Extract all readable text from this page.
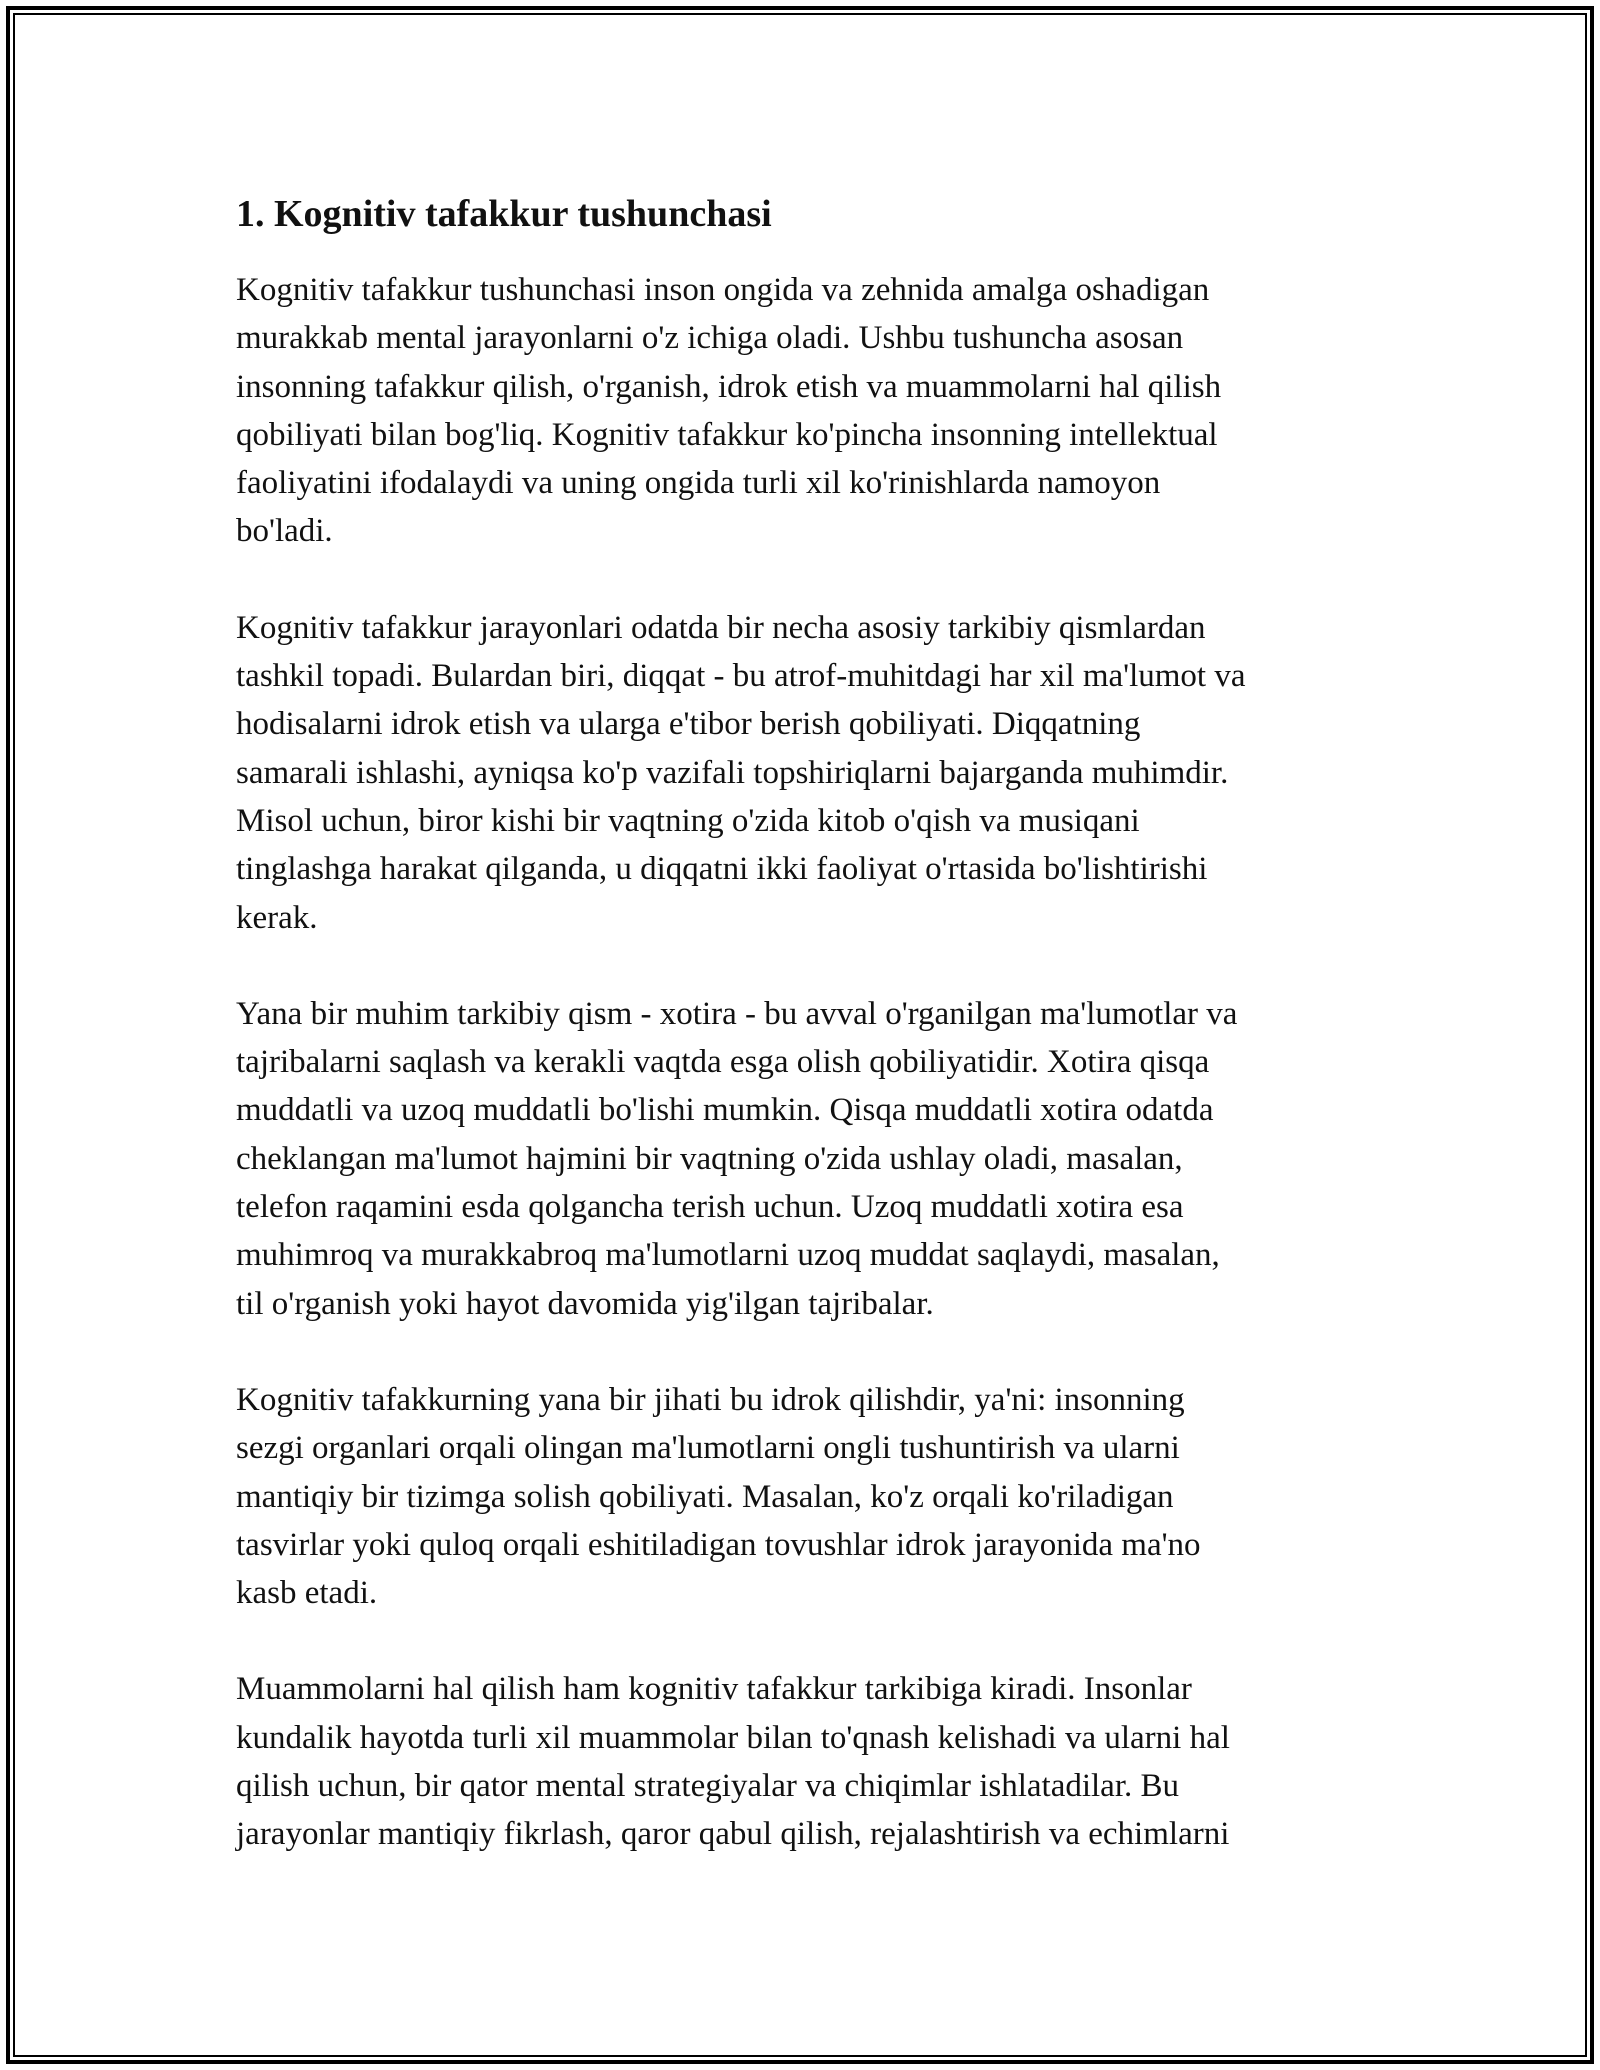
1. Kognitiv tafakkur tushunchasi

Kognitiv tafakkur tushunchasi inson ongida va zehnida amalga oshadigan
murakkab mental jarayonlarni o'z ichiga oladi. Ushbu tushuncha asosan
insonning tafakkur qilish, o'rganish, idrok etish va muammolarni hal qilish
qobiliyati bilan bog'liq. Kognitiv tafakkur ko'pincha insonning intellektual
faoliyatini ifodalaydi va uning ongida turli xil ko'rinishlarda namoyon
bo'ladi.

Kognitiv tafakkur jarayonlari odatda bir necha asosiy tarkibiy qismlardan
tashkil topadi. Bulardan biri, diqqat - bu atrof-muhitdagi har xil ma'lumot va
hodisalarni idrok etish va ularga e'tibor berish qobiliyati. Diqqatning
samarali ishlashi, ayniqsa ko'p vazifali topshiriqlarni bajarganda muhimdir.
Misol uchun, biror kishi bir vaqtning o'zida kitob o'qish va musiqani
tinglashga harakat qilganda, u diqqatni ikki faoliyat o'rtasida bo'lishtirishi
kerak.

Yana bir muhim tarkibiy qism - xotira - bu avval o'rganilgan ma'lumotlar va
tajribalarni saqlash va kerakli vaqtda esga olish qobiliyatidir. Xotira qisqa
muddatli va uzoq muddatli bo'lishi mumkin. Qisqa muddatli xotira odatda
cheklangan ma'lumot hajmini bir vaqtning o'zida ushlay oladi, masalan,
telefon raqamini esda qolgancha terish uchun. Uzoq muddatli xotira esa
muhimroq va murakkabroq ma'lumotlarni uzoq muddat saqlaydi, masalan,
til o'rganish yoki hayot davomida yig'ilgan tajribalar.

Kognitiv tafakkurning yana bir jihati bu idrok qilishdir, ya'ni: insonning
sezgi organlari orqali olingan ma'lumotlarni ongli tushuntirish va ularni
mantiqiy bir tizimga solish qobiliyati. Masalan, ko'z orqali ko'riladigan
tasvirlar yoki quloq orqali eshitiladigan tovushlar idrok jarayonida ma'no
kasb etadi.

Muammolarni hal qilish ham kognitiv tafakkur tarkibiga kiradi. Insonlar
kundalik hayotda turli xil muammolar bilan to'qnash kelishadi va ularni hal
qilish uchun, bir qator mental strategiyalar va chiqimlar ishlatadilar. Bu
jarayonlar mantiqiy fikrlash, qaror qabul qilish, rejalashtirish va echimlarni
